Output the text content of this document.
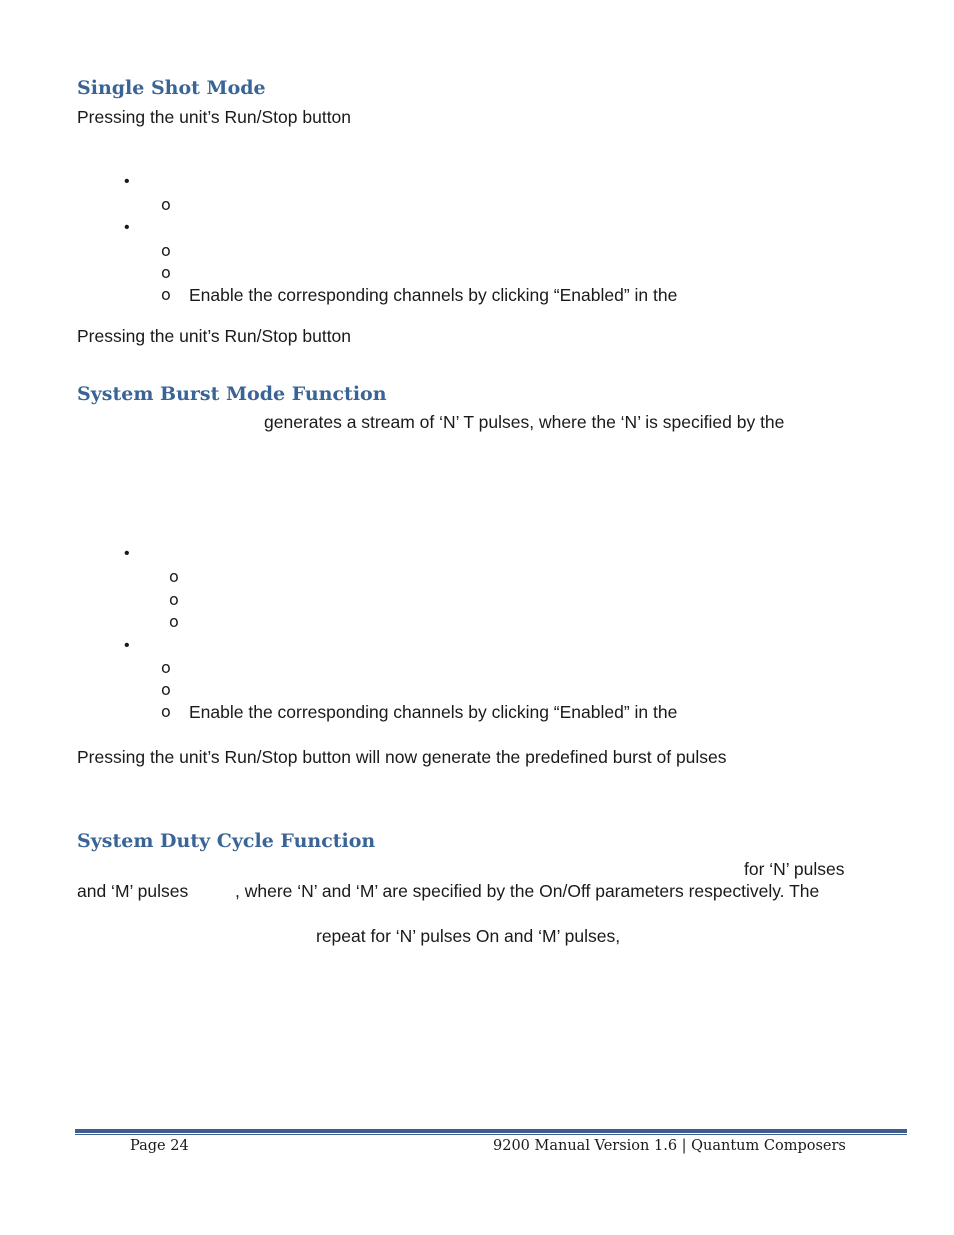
Single Shot Mode
Pressing the unit’s Run/Stop button
•
o
•
o
o
o Enable the corresponding channels by clicking “Enabled” in the
Pressing the unit’s Run/Stop button
System Burst Mode Function
generates a stream of ‘N’ T pulses, where the ‘N’ is specified by the
•
o
o
o
•
o
o
o Enable the corresponding channels by clicking “Enabled” in the
Pressing the unit’s Run/Stop button will now generate the predefined burst of pulses
System Duty Cycle Function
for ‘N’ pulses
and ‘M’ pulses	, where ‘N’ and ‘M’ are specified by the On/Off parameters respectively. The
repeat for ‘N’ pulses On and ‘M’ pulses,
Page 24	9200 Manual Version 1.6 | Quantum Composers
